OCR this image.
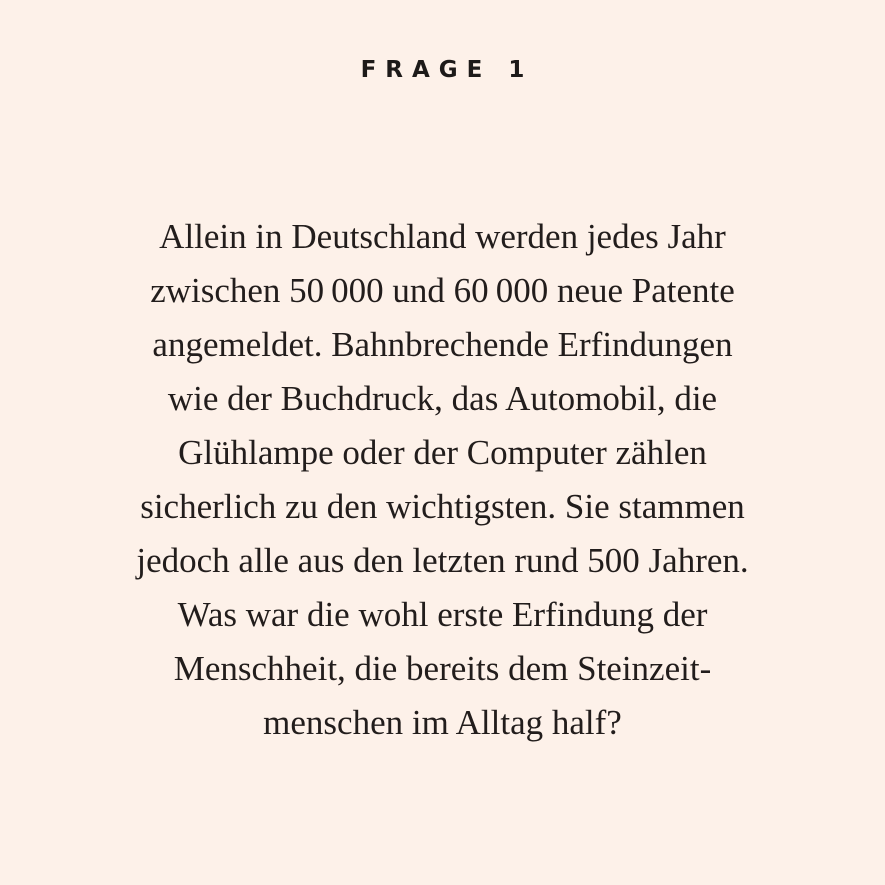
FRAGE 1
Allein in Deutschland werden jedes Jahr
zwischen 50 000 und 60 000 neue Patente
angemeldet. Bahnbrechende Erfindungen
wie der Buchdruck, das Automobil, die
Glühlampe oder der Computer zählen
sicherlich zu den wichtigsten. Sie stammen
jedoch alle aus den letzten rund 500 Jahren.
Was war die wohl erste Erfindung der
Menschheit, die bereits dem Steinzeit-
menschen im Alltag half?
